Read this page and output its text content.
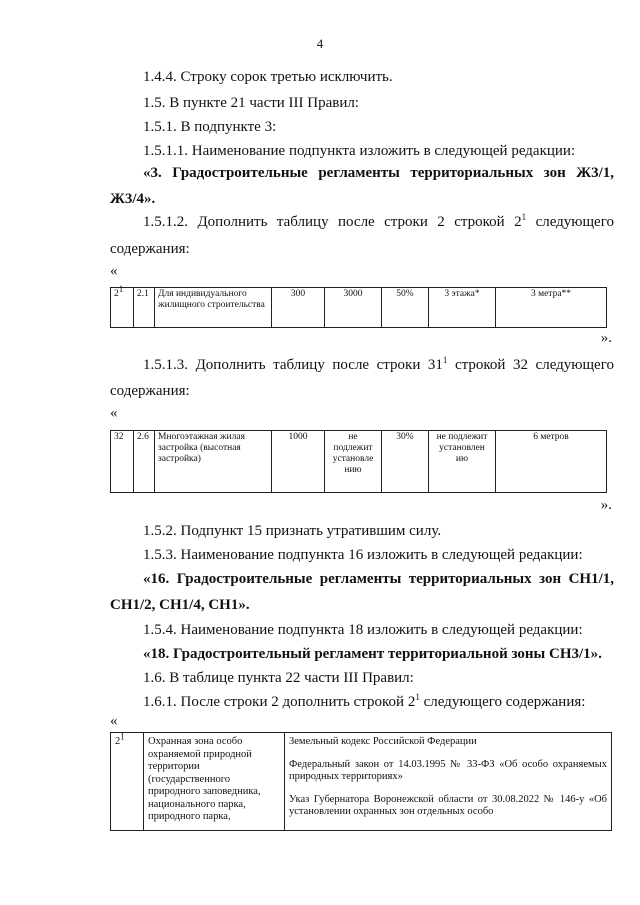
4
1.4.4. Строку сорок третью исключить.
1.5. В пункте 21 части III Правил:
1.5.1. В подпункте 3:
1.5.1.1. Наименование подпункта изложить в следующей редакции:
«3. Градостроительные регламенты территориальных зон Ж3/1,
Ж3/4».
1.5.1.2. Дополнить таблицу после строки 2 строкой $2^1$ следующего
содержания:
«
$2^1$	2.1	Для индивидуального жилищного строительства	300	3000	50%	3 этажа*	3 метра**
».
1.5.1.3. Дополнить таблицу после строки $31^1$ строкой 32 следующего
содержания:
«
32	2.6	Многоэтажная жилая застройка (высотная застройка)	1000	не подлежит установле нию	30%	не подлежит установлен ию	6 метров
».
1.5.2. Подпункт 15 признать утратившим силу.
1.5.3. Наименование подпункта 16 изложить в следующей редакции:
«16. Градостроительные регламенты территориальных зон СН1/1,
СН1/2, СН1/4, СН1».
1.5.4. Наименование подпункта 18 изложить в следующей редакции:
«18. Градостроительный регламент территориальной зоны СН3/1».
1.6. В таблице пункта 22 части III Правил:
1.6.1. После строки 2 дополнить строкой $2^1$ следующего содержания:
«
$2^1$	Охранная зона особо охраняемой природной территории (государственного природного заповедника, национального парка, природного парка,	Земельный кодекс Российской Федерации
Федеральный закон от 14.03.1995 № 33-ФЗ «Об особо охраняемых природных территориях»
Указ Губернатора Воронежской области от 30.08.2022 № 146-у «Об установлении охранных зон отдельных особо
